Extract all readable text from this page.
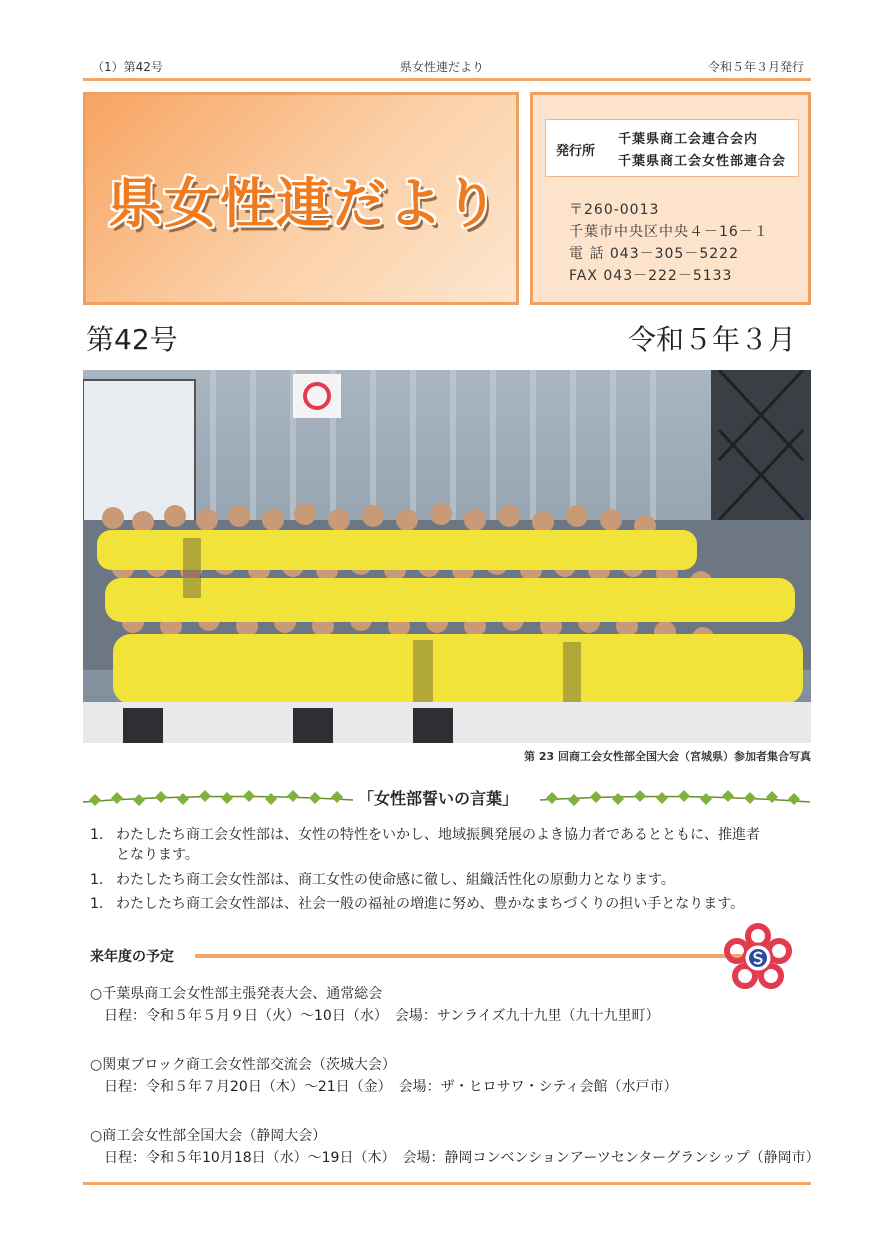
（1）第42号	県女性連だより	令和５年３月発行
県女性連だより
発行所
千葉県商工会連合会内
千葉県商工会女性部連合会
〒260-0013
千葉市中央区中央４－16－１
電 話 043－305－5222
FAX 043－222－5133
第42号	令和５年３月
第 23 回商工会女性部全国大会（宮城県）参加者集合写真
「女性部誓いの言葉」
1. わたしたち商工会女性部は、女性の特性をいかし、地域振興発展のよき協力者であるとともに、推進者
となります。
1. わたしたち商工会女性部は、商工女性の使命感に徹し、組織活性化の原動力となります。
1. わたしたち商工会女性部は、社会一般の福祉の増進に努め、豊かなまちづくりの担い手となります。
来年度の予定
○千葉県商工会女性部主張発表大会、通常総会
日程：令和５年５月９日（火）～10日（水）　会場：サンライズ九十九里（九十九里町）
○関東ブロック商工会女性部交流会（茨城大会）
日程：令和５年７月20日（木）～21日（金）　会場：ザ・ヒロサワ・シティ会館（水戸市）
○商工会女性部全国大会（静岡大会）
日程：令和５年10月18日（水）～19日（木）　会場：静岡コンベンションアーツセンターグランシップ（静岡市）
